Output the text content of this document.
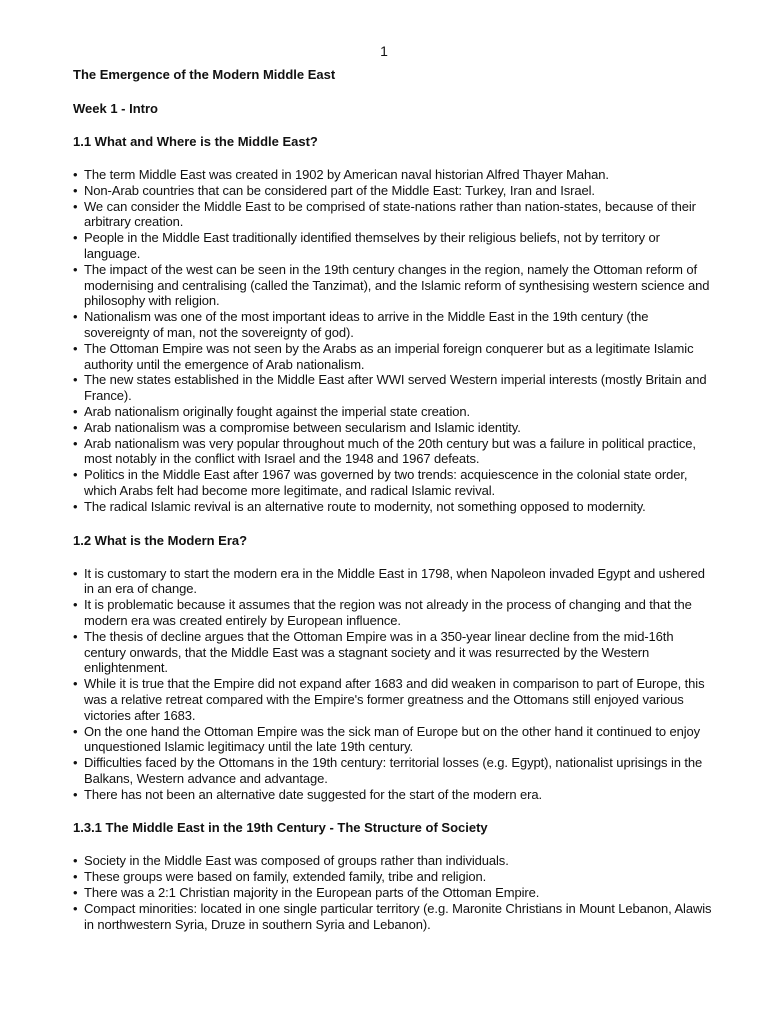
1
The Emergence of the Modern Middle East
Week 1 - Intro
1.1 What and Where is the Middle East?
• The term Middle East was created in 1902 by American naval historian Alfred Thayer Mahan.
• Non-Arab countries that can be considered part of the Middle East: Turkey, Iran and Israel.
• We can consider the Middle East to be comprised of state-nations rather than nation-states, because of their arbitrary creation.
• People in the Middle East traditionally identified themselves by their religious beliefs, not by territory or language.
• The impact of the west can be seen in the 19th century changes in the region, namely the Ottoman reform of modernising and centralising (called the Tanzimat), and the Islamic reform of synthesising western science and philosophy with religion.
• Nationalism was one of the most important ideas to arrive in the Middle East in the 19th century (the sovereignty of man, not the sovereignty of god).
• The Ottoman Empire was not seen by the Arabs as an imperial foreign conquerer but as a legitimate Islamic authority until the emergence of Arab nationalism.
• The new states established in the Middle East after WWI served Western imperial interests (mostly Britain and France).
• Arab nationalism originally fought against the imperial state creation.
• Arab nationalism was a compromise between secularism and Islamic identity.
• Arab nationalism was very popular throughout much of the 20th century but was a failure in political practice, most notably in the conflict with Israel and the 1948 and 1967 defeats.
• Politics in the Middle East after 1967 was governed by two trends: acquiescence in the colonial state order, which Arabs felt had become more legitimate, and radical Islamic revival.
• The radical Islamic revival is an alternative route to modernity, not something opposed to modernity.
1.2 What is the Modern Era?
• It is customary to start the modern era in the Middle East in 1798, when Napoleon invaded Egypt and ushered in an era of change.
• It is problematic because it assumes that the region was not already in the process of changing and that the modern era was created entirely by European influence.
• The thesis of decline argues that the Ottoman Empire was in a 350-year linear decline from the mid-16th century onwards, that the Middle East was a stagnant society and it was resurrected by the Western enlightenment.
• While it is true that the Empire did not expand after 1683 and did weaken in comparison to part of Europe, this was a relative retreat compared with the Empire's former greatness and the Ottomans still enjoyed various victories after 1683.
• On the one hand the Ottoman Empire was the sick man of Europe but on the other hand it continued to enjoy unquestioned Islamic legitimacy until the late 19th century.
• Difficulties faced by the Ottomans in the 19th century: territorial losses (e.g. Egypt), nationalist uprisings in the Balkans, Western advance and advantage.
• There has not been an alternative date suggested for the start of the modern era.
1.3.1 The Middle East in the 19th Century - The Structure of Society
• Society in the Middle East was composed of groups rather than individuals.
• These groups were based on family, extended family, tribe and religion.
• There was a 2:1 Christian majority in the European parts of the Ottoman Empire.
• Compact minorities: located in one single particular territory (e.g. Maronite Christians in Mount Lebanon, Alawis in northwestern Syria, Druze in southern Syria and Lebanon).
